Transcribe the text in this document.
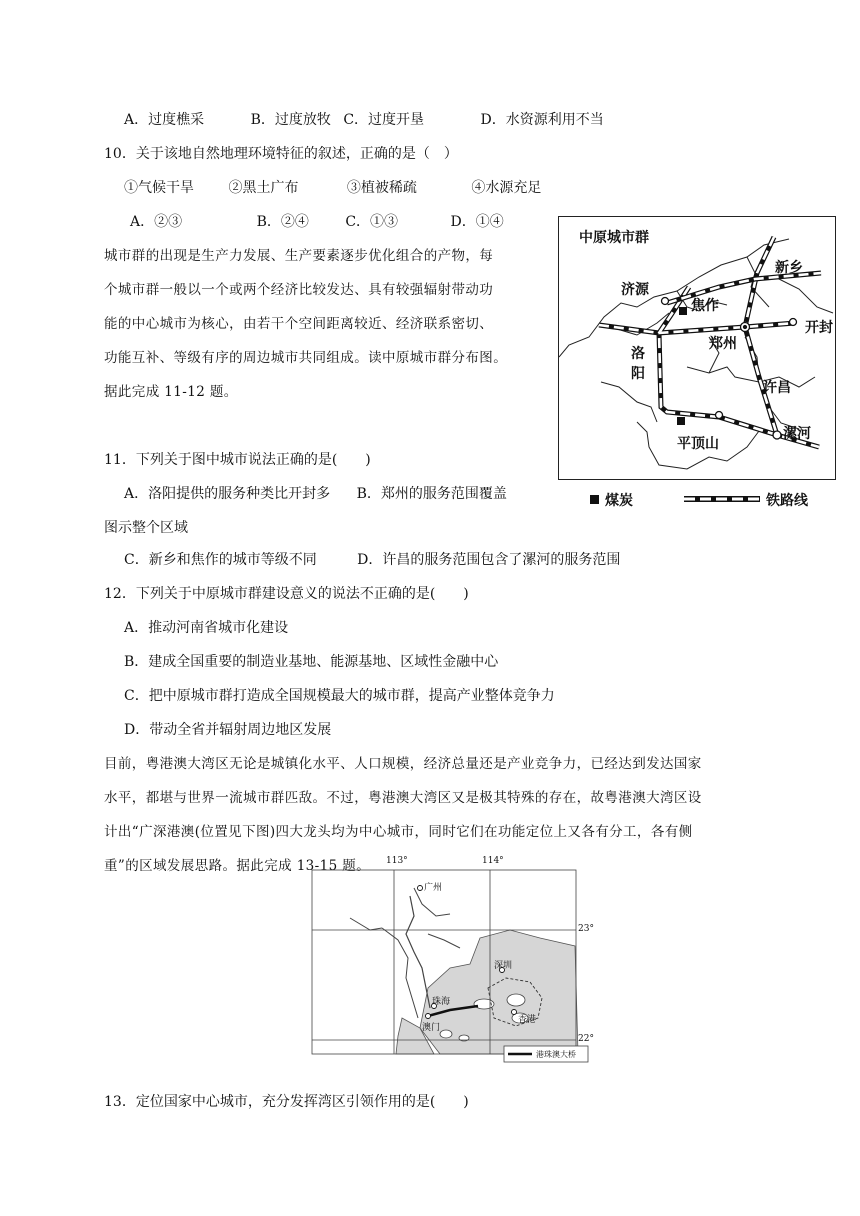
A．过度樵采	B．过度放牧 C．过度开垦	D．水资源利用不当
10．关于该地自然地理环境特征的叙述，正确的是（　）
①气候干旱 ②黑土广布	③植被稀疏	④水源充足
A．②③	B．②④	C．①③	D．①④
城市群的出现是生产力发展、生产要素逐步优化组合的产物，每
个城市群一般以一个或两个经济比较发达、具有较强辐射带动功
能的中心城市为核心，由若干个空间距离较近、经济联系密切、
功能互补、等级有序的周边城市共同组成。读中原城市群分布图。
据此完成 11-12 题。
中原城市群
新乡
济源
焦作
开封
洛
郑州
阳
许昌
漯河
平顶山
煤炭	铁路线
11．下列关于图中城市说法正确的是(　　)
A．洛阳提供的服务种类比开封多 B．郑州的服务范围覆盖
图示整个区域
C．新乡和焦作的城市等级不同	D．许昌的服务范围包含了漯河的服务范围
12．下列关于中原城市群建设意义的说法不正确的是(　　)
A．推动河南省城市化建设
B．建成全国重要的制造业基地、能源基地、区域性金融中心
C．把中原城市群打造成全国规模最大的城市群，提高产业整体竞争力
D．带动全省并辐射周边地区发展
目前，粤港澳大湾区无论是城镇化水平、人口规模，经济总量还是产业竞争力，已经达到发达国家
水平，都堪与世界一流城市群匹敌。不过，粤港澳大湾区又是极其特殊的存在，故粤港澳大湾区设
计出“广深港澳(位置见下图)四大龙头均为中心城市，同时它们在功能定位上又各有分工，各有侧
重”的区域发展思路。据此完成 13-15 题。 113°	114°
23°
22°
广州
深圳
珠海
澳门
香港
港珠澳大桥
13．定位国家中心城市，充分发挥湾区引领作用的是(　　)
